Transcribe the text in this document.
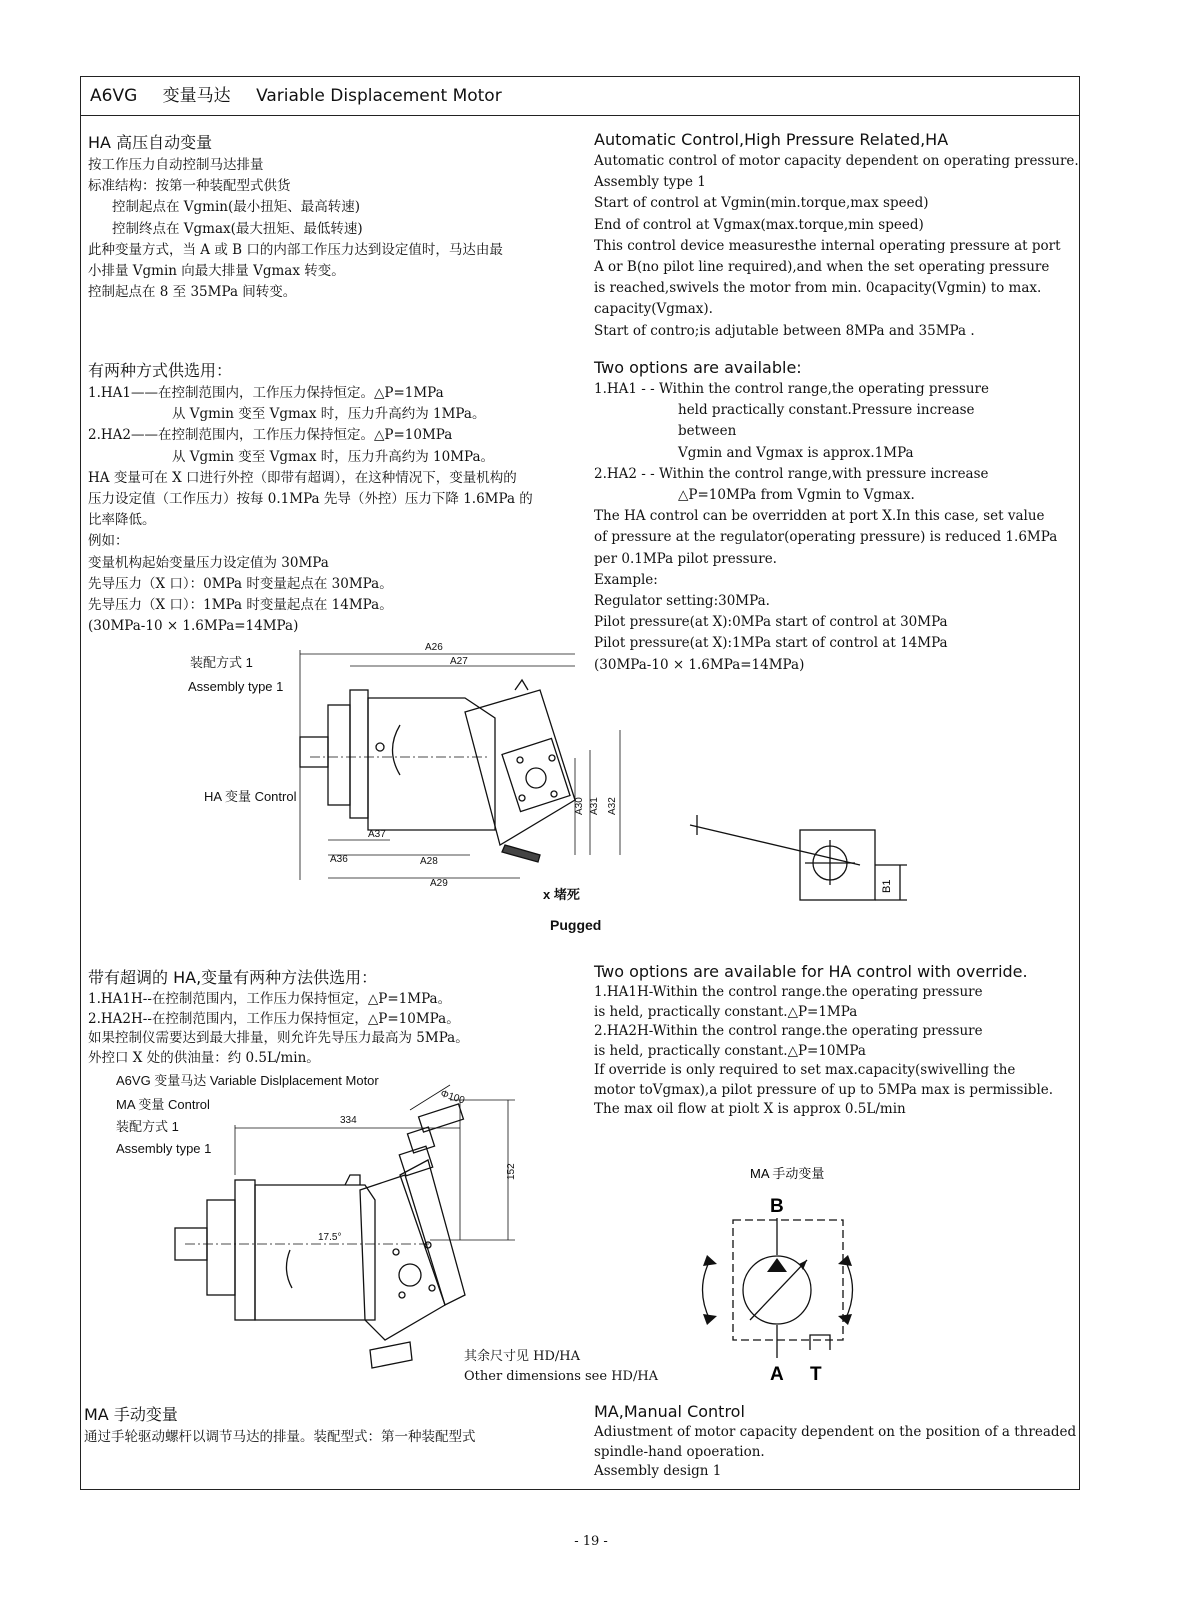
A6VG 变量马达 Variable Displacement Motor

HA 高压自动变量

按工作压力自动控制马达排量

标准结构：按第一种装配型式供货

控制起点在 Vgmin(最小扭矩、最高转速)

控制终点在 Vgmax(最大扭矩、最低转速)

此种变量方式，当 A 或 B 口的内部工作压力达到设定值时，马达由最

小排量 Vgmin 向最大排量 Vgmax 转变。

控制起点在 8 至 35MPa 间转变。

Automatic Control,High Pressure Related,HA

Automatic control of motor capacity dependent on operating pressure.

Assembly type 1

Start of control at Vgmin(min.torque,max speed)

End of control at Vgmax(max.torque,min speed)

This control device measuresthe internal operating pressure at port

A or B(no pilot line required),and when the set operating pressure

is reached,swivels the motor from min. 0capacity(Vgmin) to max.

capacity(Vgmax).

Start of contro;is adjutable between 8MPa and 35MPa .

有两种方式供选用：

1.HA1——在控制范围内，工作压力保持恒定。△P=1MPa

从 Vgmin 变至 Vgmax 时，压力升高约为 1MPa。

2.HA2——在控制范围内，工作压力保持恒定。△P=10MPa

从 Vgmin 变至 Vgmax 时，压力升高约为 10MPa。

HA 变量可在 X 口进行外控（即带有超调），在这种情况下，变量机构的

压力设定值（工作压力）按每 0.1MPa 先导（外控）压力下降 1.6MPa 的

比率降低。

例如：

变量机构起始变量压力设定值为 30MPa

先导压力（X 口）：0MPa 时变量起点在 30MPa。

先导压力（X 口）：1MPa 时变量起点在 14MPa。

(30MPa-10 × 1.6MPa=14MPa)

Two options are available:

1.HA1 - - Within the control range,the operating pressure

held practically constant.Pressure increase

between

Vgmin and Vgmax is approx.1MPa

2.HA2 - - Within the control range,with pressure increase

△P=10MPa from Vgmin to Vgmax.

The HA control can be overridden at port X.In this case, set value

of pressure at the regulator(operating pressure) is reduced 1.6MPa

per 0.1MPa pilot pressure.

Example:

Regulator setting:30MPa.

Pilot pressure(at X):0MPa start of control at 30MPa

Pilot pressure(at X):1MPa start of control at 14MPa

(30MPa-10 × 1.6MPa=14MPa)

装配方式 1
Assembly type 1
HA 变量 Control
x 堵死
Pugged
A26
A27
A37
A36	A28
A29
A30 A31 A32
B1

带有超调的 HA,变量有两种方法供选用：

1.HA1H--在控制范围内，工作压力保持恒定，△P=1MPa。

2.HA2H--在控制范围内，工作压力保持恒定，△P=10MPa。

如果控制仪需要达到最大排量，则允许先导压力最高为 5MPa。

外控口 X 处的供油量：约 0.5L/min。

Two options are available for HA control with override.

1.HA1H-Within the control range.the operating pressure

is held, practically constant.△P=1MPa

2.HA2H-Within the control range.the operating pressure

is held, practically constant.△P=10MPa

If override is only required to set max.capacity(swivelling the

motor toVgmax),a pilot pressure of up to 5MPa max is permissible.

The max oil flow at piolt X is approx 0.5L/min

A6VG 变量马达 Variable Dislplacement Motor
MA 变量 Control
装配方式 1
Assembly type 1
其余尺寸见 HD/HA
Other dimensions see HD/HA
Φ100
334
152
17.5°
MA 手动变量
B
A T

MA 手动变量

通过手轮驱动螺杆以调节马达的排量。装配型式：第一种装配型式

MA,Manual Control

Adiustment of motor capacity dependent on the position of a threaded

spindle-hand opoeration.

Assembly design 1

- 19 -
